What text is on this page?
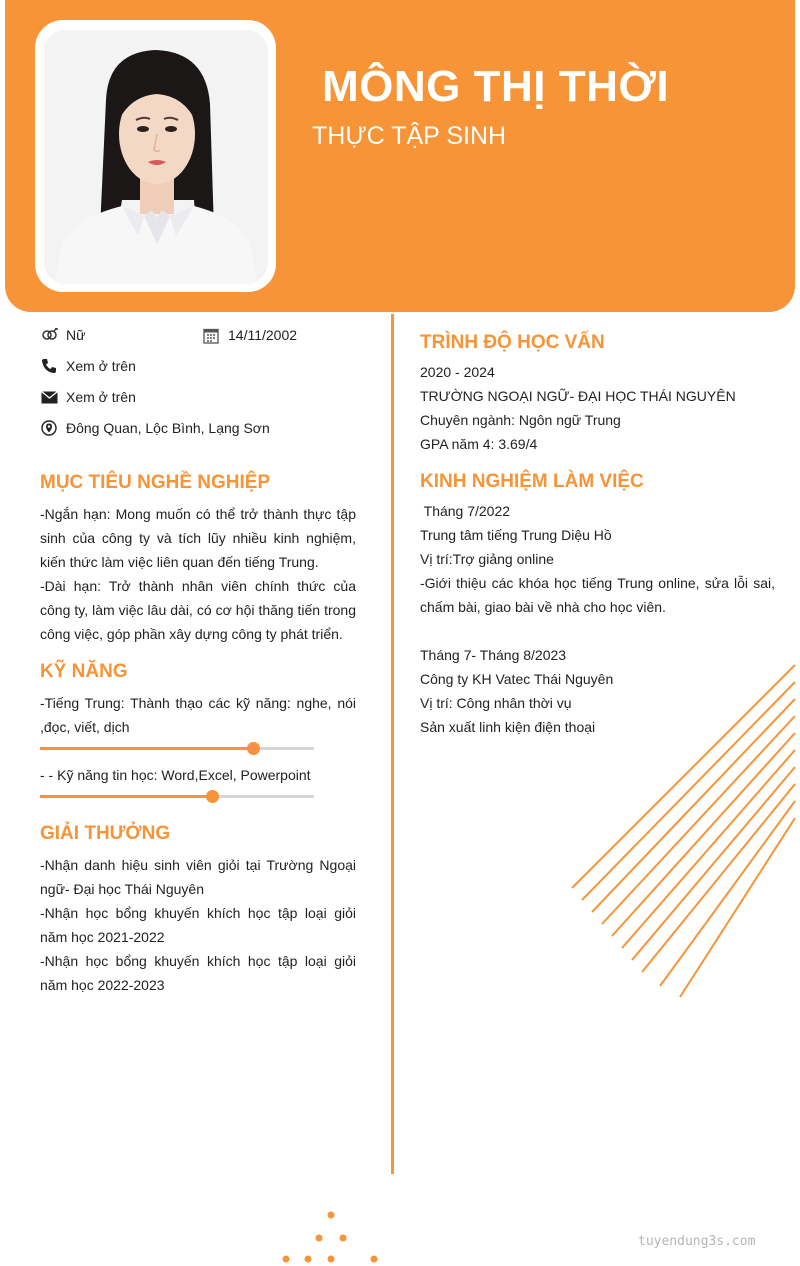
MÔNG THỊ THỜI
THỰC TẬP SINH
Nữ	14/11/2002
Xem ở trên
Xem ở trên
Đông Quan, Lộc Bình, Lạng Sơn
MỤC TIÊU NGHỀ NGHIỆP

-Ngắn hạn: Mong muốn có thể trở thành thực tập sinh của công ty và tích lũy nhiều kinh nghiệm, kiến thức làm việc liên quan đến tiếng Trung.

-Dài hạn: Trở thành nhân viên chính thức của công ty, làm việc lâu dài, có cơ hội thăng tiến trong công việc, góp phần xây dựng công ty phát triển.

KỸ NĂNG

-Tiếng Trung: Thành thạo các kỹ năng: nghe, nói ,đọc, viết, dịch

- - Kỹ năng tin học: Word,Excel, Powerpoint
GIẢI THƯỞNG

-Nhận danh hiệu sinh viên giỏi tại Trường Ngoại ngữ- Đại học Thái Nguyên

-Nhận học bổng khuyến khích học tập loại giỏi năm học 2021-2022

-Nhận học bổng khuyến khích học tập loại giỏi năm học 2022-2023

TRÌNH ĐỘ HỌC VẤN
2020 - 2024
TRƯỜNG NGOẠI NGỮ- ĐẠI HỌC THÁI NGUYÊN
Chuyên ngành: Ngôn ngữ Trung
GPA năm 4: 3.69/4
KINH NGHIỆM LÀM VIỆC
Tháng 7/2022
Trung tâm tiếng Trung Diệu Hồ
Vị trí:Trợ giảng online

-Giới thiệu các khóa học tiếng Trung online, sửa lỗi sai, chấm bài, giao bài về nhà cho học viên.

Tháng 7- Tháng 8/2023
Công ty KH Vatec Thái Nguyên
Vị trí: Công nhân thời vụ
Sản xuất linh kiện điện thoại
tuyendung3s.com
